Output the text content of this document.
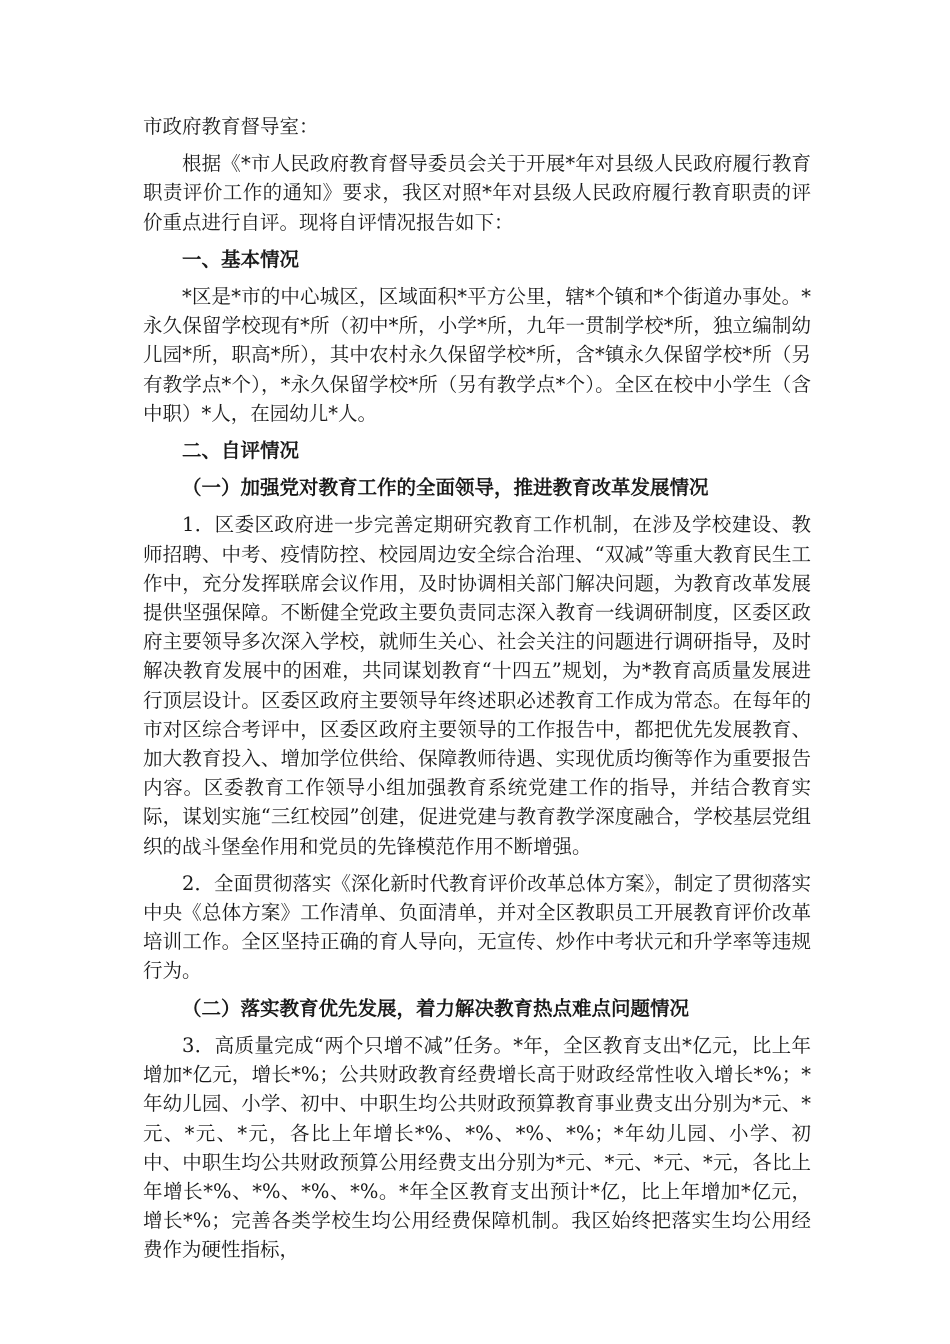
市政府教育督导室：

根据《*市人民政府教育督导委员会关于开展*年对县级人民政府履行教育职责评价工作的通知》要求，我区对照*年对县级人民政府履行教育职责的评价重点进行自评。现将自评情况报告如下：

一、基本情况

*区是*市的中心城区，区域面积*平方公里，辖*个镇和*个街道办事处。*永久保留学校现有*所（初中*所，小学*所，九年一贯制学校*所，独立编制幼儿园*所，职高*所），其中农村永久保留学校*所，含*镇永久保留学校*所（另有教学点*个），*永久保留学校*所（另有教学点*个）。全区在校中小学生（含中职）*人，在园幼儿*人。

二、自评情况

（一）加强党对教育工作的全面领导，推进教育改革发展情况

1．区委区政府进一步完善定期研究教育工作机制，在涉及学校建设、教师招聘、中考、疫情防控、校园周边安全综合治理、“双减”等重大教育民生工作中，充分发挥联席会议作用，及时协调相关部门解决问题，为教育改革发展提供坚强保障。不断健全党政主要负责同志深入教育一线调研制度，区委区政府主要领导多次深入学校，就师生关心、社会关注的问题进行调研指导，及时解决教育发展中的困难，共同谋划教育“十四五”规划，为*教育高质量发展进行顶层设计。区委区政府主要领导年终述职必述教育工作成为常态。在每年的市对区综合考评中，区委区政府主要领导的工作报告中，都把优先发展教育、加大教育投入、增加学位供给、保障教师待遇、实现优质均衡等作为重要报告内容。区委教育工作领导小组加强教育系统党建工作的指导，并结合教育实际，谋划实施“三红校园”创建，促进党建与教育教学深度融合，学校基层党组织的战斗堡垒作用和党员的先锋模范作用不断增强。

2．全面贯彻落实《深化新时代教育评价改革总体方案》，制定了贯彻落实中央《总体方案》工作清单、负面清单，并对全区教职员工开展教育评价改革培训工作。全区坚持正确的育人导向，无宣传、炒作中考状元和升学率等违规行为。

（二）落实教育优先发展，着力解决教育热点难点问题情况

3．高质量完成“两个只增不减”任务。*年，全区教育支出*亿元，比上年增加*亿元，增长*%；公共财政教育经费增长高于财政经常性收入增长*%；*年幼儿园、小学、初中、中职生均公共财政预算教育事业费支出分别为*元、*元、*元、*元，各比上年增长*%、*%、*%、*%；*年幼儿园、小学、初中、中职生均公共财政预算公用经费支出分别为*元、*元、*元、*元，各比上年增长*%、*%、*%、*%。*年全区教育支出预计*亿，比上年增加*亿元，增长*%；完善各类学校生均公用经费保障机制。我区始终把落实生均公用经费作为硬性指标，
